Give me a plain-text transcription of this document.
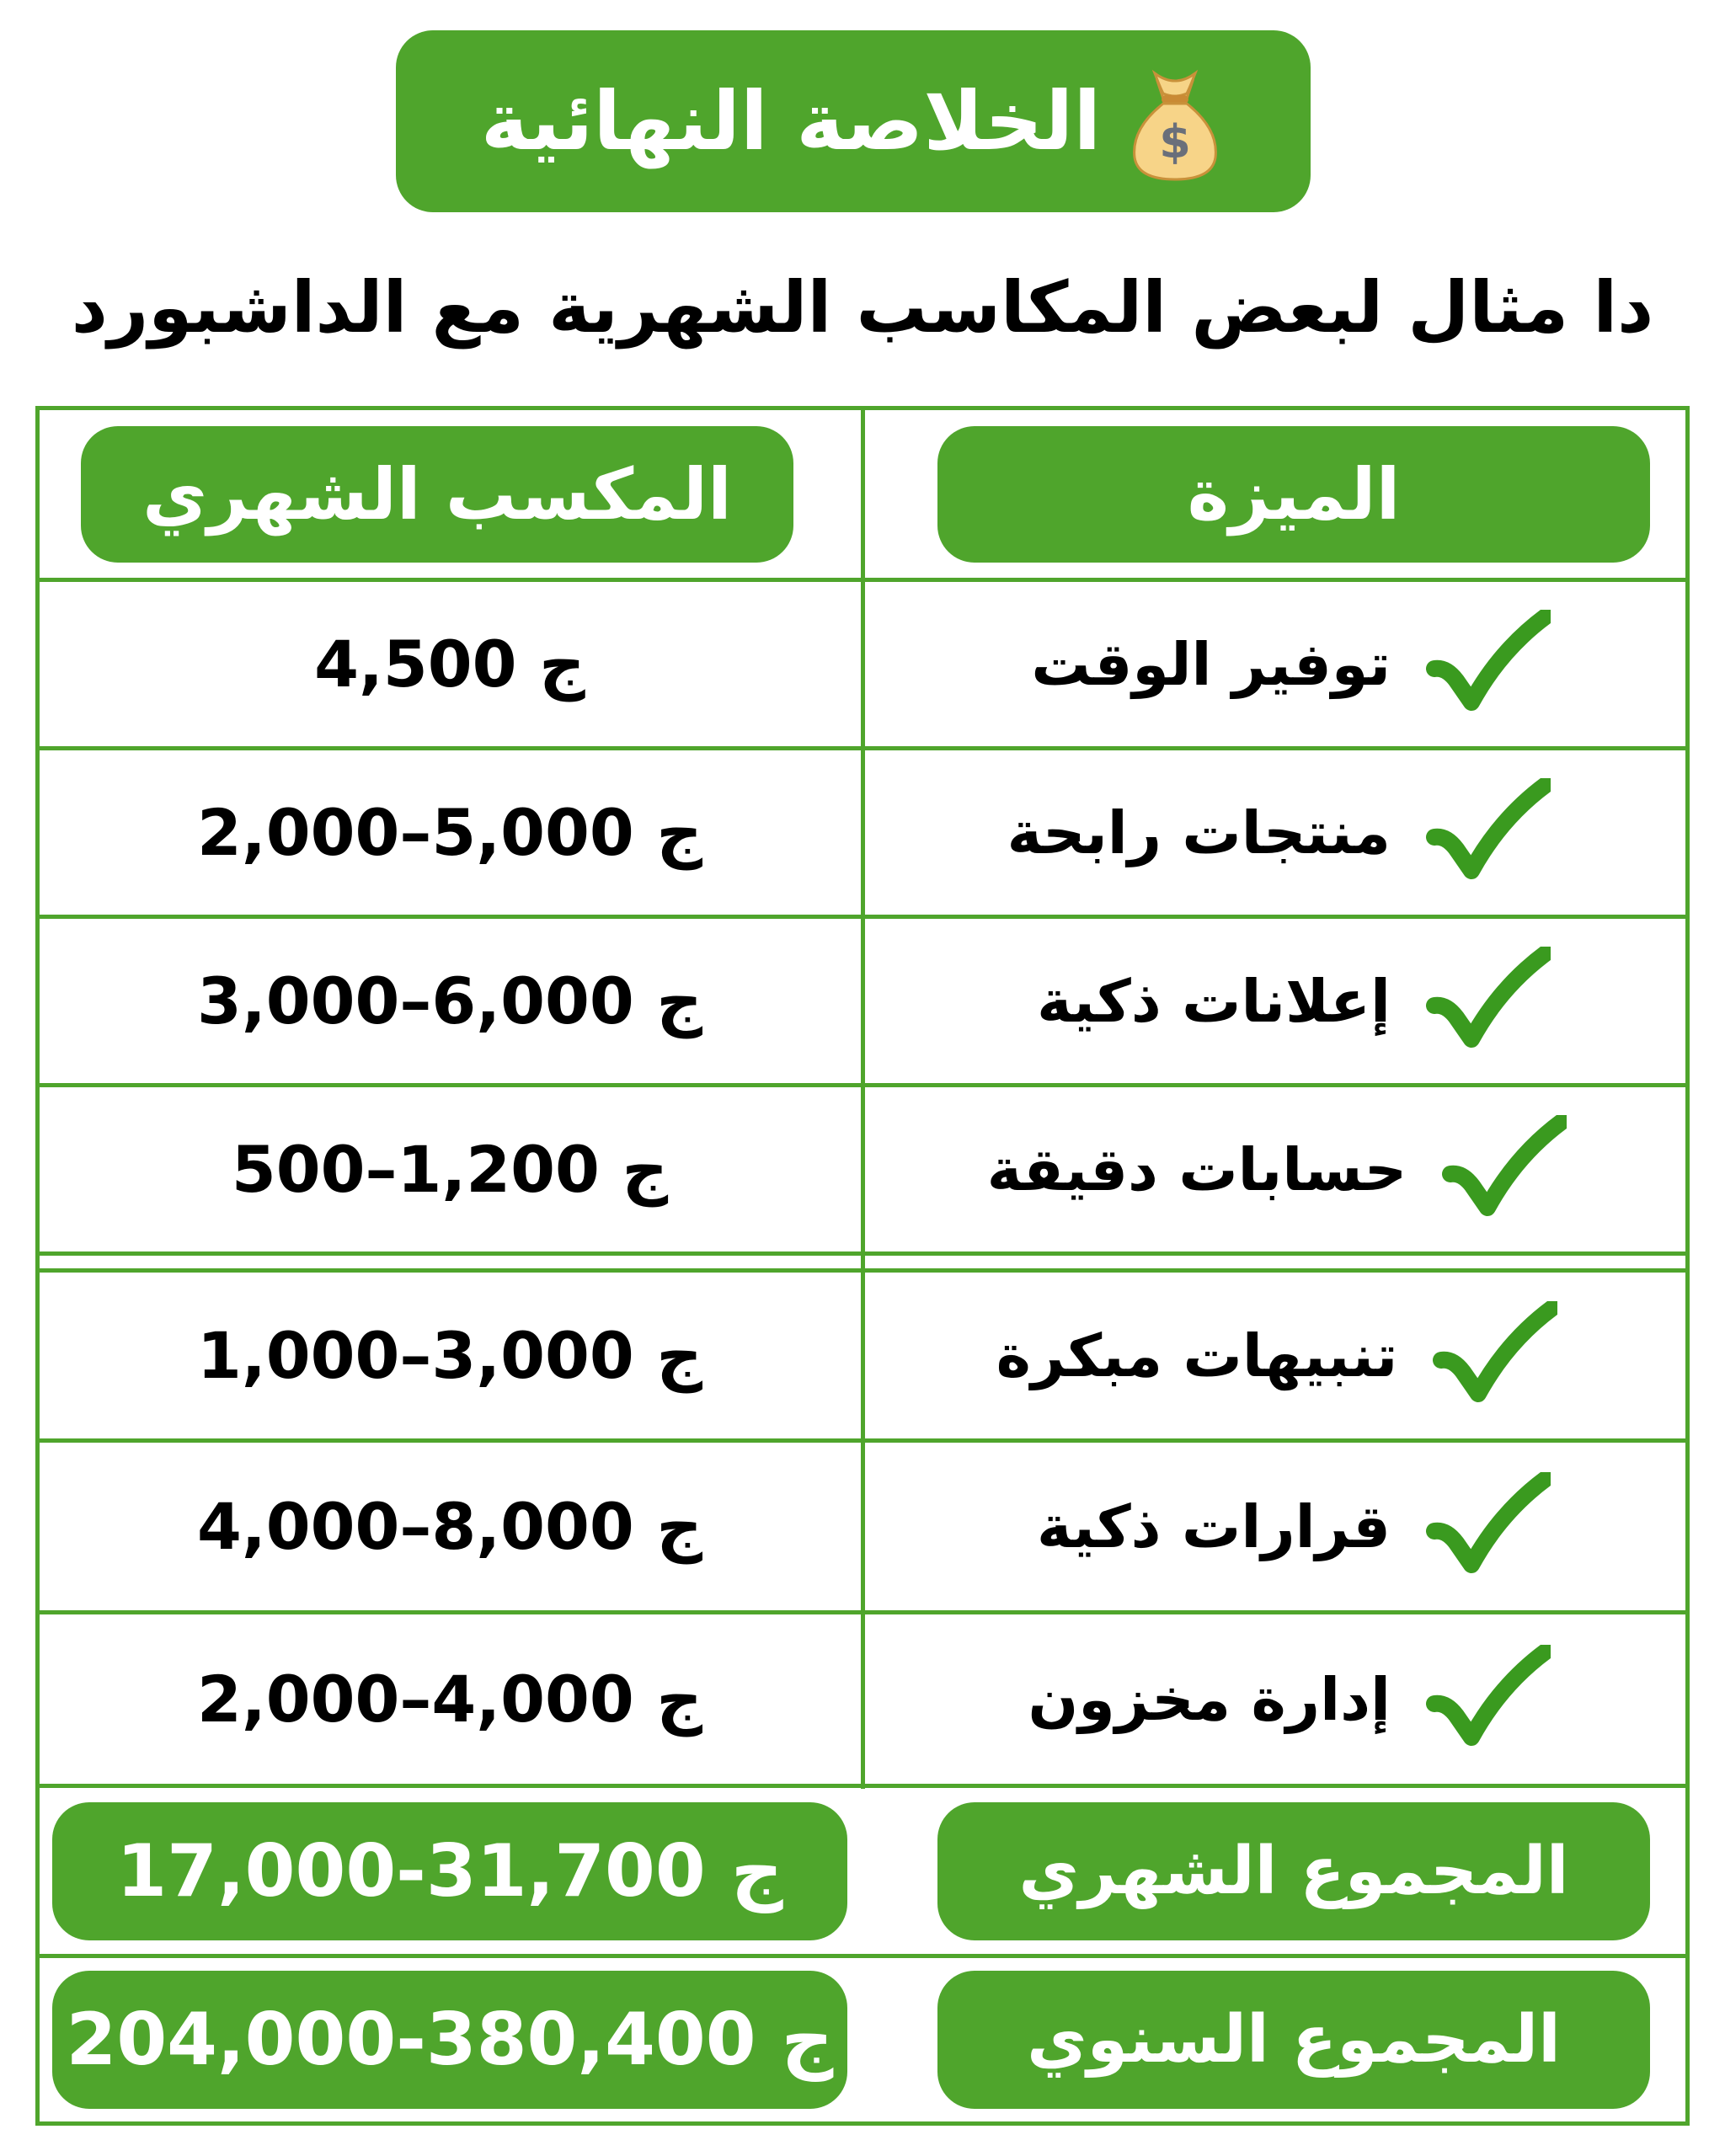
$
الخلاصة النهائية
دا مثال لبعض المكاسب الشهرية مع الداشبورد
الميزة
المكسب الشهري
توفير الوقت
4,500 ج
منتجات رابحة
2,000–5,000 ج
إعلانات ذكية
3,000–6,000 ج
حسابات دقيقة
500–1,200 ج
تنبيهات مبكرة
1,000–3,000 ج
قرارات ذكية
4,000–8,000 ج
إدارة مخزون
2,000–4,000 ج
المجموع الشهري
17,000-31,700 ج
المجموع السنوي
204,000-380,400 ج
